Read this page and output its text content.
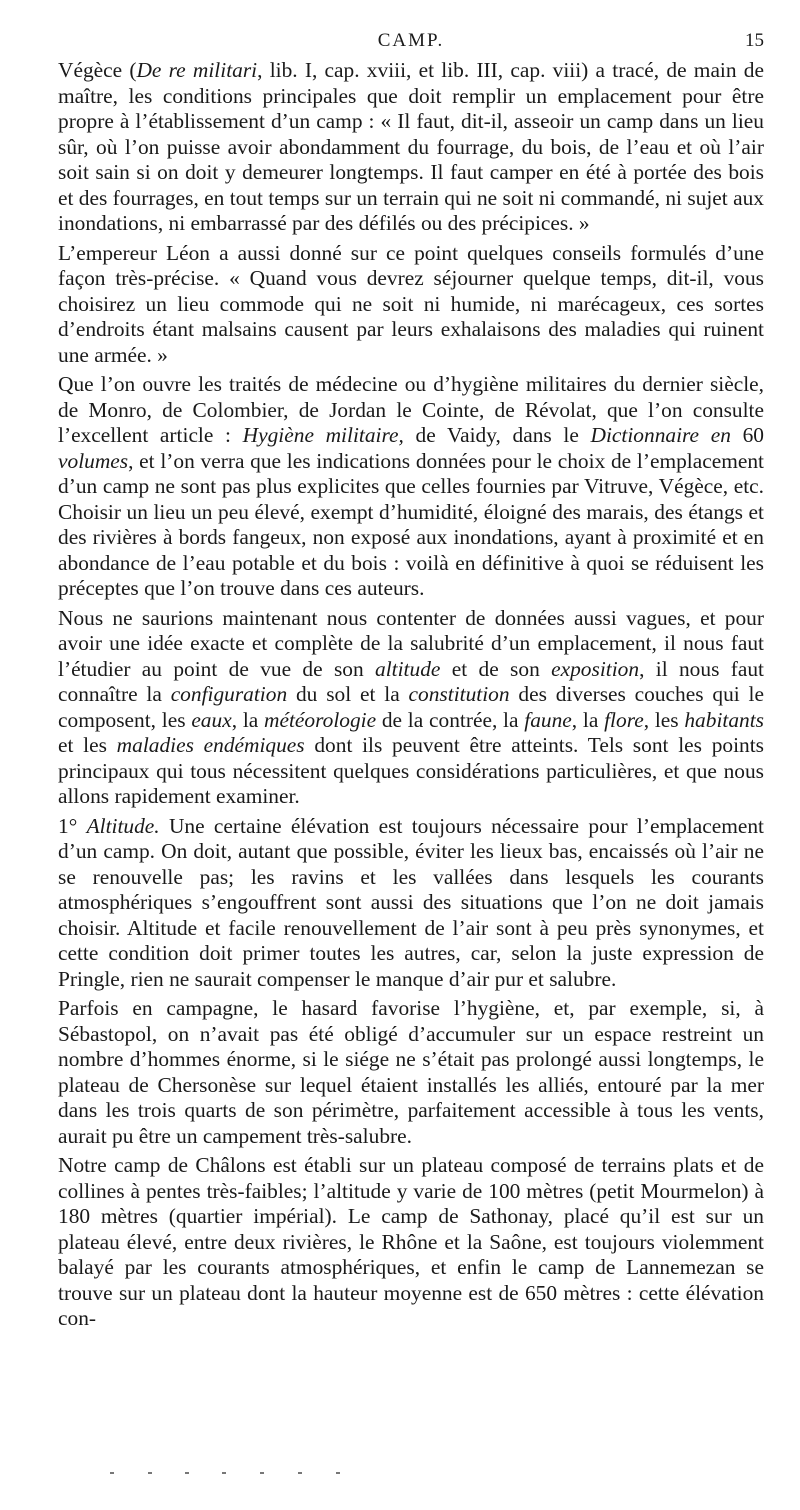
CAMP.	15

Végèce (De re militari, lib. I, cap. xviii, et lib. III, cap. viii) a tracé, de main de maître, les conditions principales que doit remplir un emplacement pour être propre à l’établissement d’un camp : « Il faut, dit-il, asseoir un camp dans un lieu sûr, où l’on puisse avoir abondamment du fourrage, du bois, de l’eau et où l’air soit sain si on doit y demeurer longtemps. Il faut camper en été à portée des bois et des fourrages, en tout temps sur un terrain qui ne soit ni commandé, ni sujet aux inondations, ni embarrassé par des défilés ou des précipices. »

L’empereur Léon a aussi donné sur ce point quelques conseils formulés d’une façon très-précise. « Quand vous devrez séjourner quelque temps, dit-il, vous choisirez un lieu commode qui ne soit ni humide, ni marécageux, ces sortes d’endroits étant malsains causent par leurs exhalaisons des maladies qui ruinent une armée. »

Que l’on ouvre les traités de médecine ou d’hygiène militaires du dernier siècle, de Monro, de Colombier, de Jordan le Cointe, de Révolat, que l’on consulte l’excellent article : Hygiène militaire, de Vaidy, dans le Dictionnaire en 60 volumes, et l’on verra que les indications données pour le choix de l’emplacement d’un camp ne sont pas plus explicites que celles fournies par Vitruve, Végèce, etc. Choisir un lieu un peu élevé, exempt d’humidité, éloigné des marais, des étangs et des rivières à bords fangeux, non exposé aux inondations, ayant à proximité et en abondance de l’eau potable et du bois : voilà en définitive à quoi se réduisent les préceptes que l’on trouve dans ces auteurs.

Nous ne saurions maintenant nous contenter de données aussi vagues, et pour avoir une idée exacte et complète de la salubrité d’un emplacement, il nous faut l’étudier au point de vue de son altitude et de son exposition, il nous faut connaître la configuration du sol et la constitution des diverses couches qui le composent, les eaux, la météorologie de la contrée, la faune, la flore, les habitants et les maladies endémiques dont ils peuvent être atteints. Tels sont les points principaux qui tous nécessitent quelques considérations particulières, et que nous allons rapidement examiner.

1° Altitude. Une certaine élévation est toujours nécessaire pour l’emplacement d’un camp. On doit, autant que possible, éviter les lieux bas, encaissés où l’air ne se renouvelle pas; les ravins et les vallées dans lesquels les courants atmosphériques s’engouffrent sont aussi des situations que l’on ne doit jamais choisir. Altitude et facile renouvellement de l’air sont à peu près synonymes, et cette condition doit primer toutes les autres, car, selon la juste expression de Pringle, rien ne saurait compenser le manque d’air pur et salubre.

Parfois en campagne, le hasard favorise l’hygiène, et, par exemple, si, à Sébastopol, on n’avait pas été obligé d’accumuler sur un espace restreint un nombre d’hommes énorme, si le siége ne s’était pas prolongé aussi longtemps, le plateau de Chersonèse sur lequel étaient installés les alliés, entouré par la mer dans les trois quarts de son périmètre, parfaitement accessible à tous les vents, aurait pu être un campement très-salubre.

Notre camp de Châlons est établi sur un plateau composé de terrains plats et de collines à pentes très-faibles; l’altitude y varie de 100 mètres (petit Mourmelon) à 180 mètres (quartier impérial). Le camp de Sathonay, placé qu’il est sur un plateau élevé, entre deux rivières, le Rhône et la Saône, est toujours violemment balayé par les courants atmosphériques, et enfin le camp de Lannemezan se trouve sur un plateau dont la hauteur moyenne est de 650 mètres : cette élévation con-
